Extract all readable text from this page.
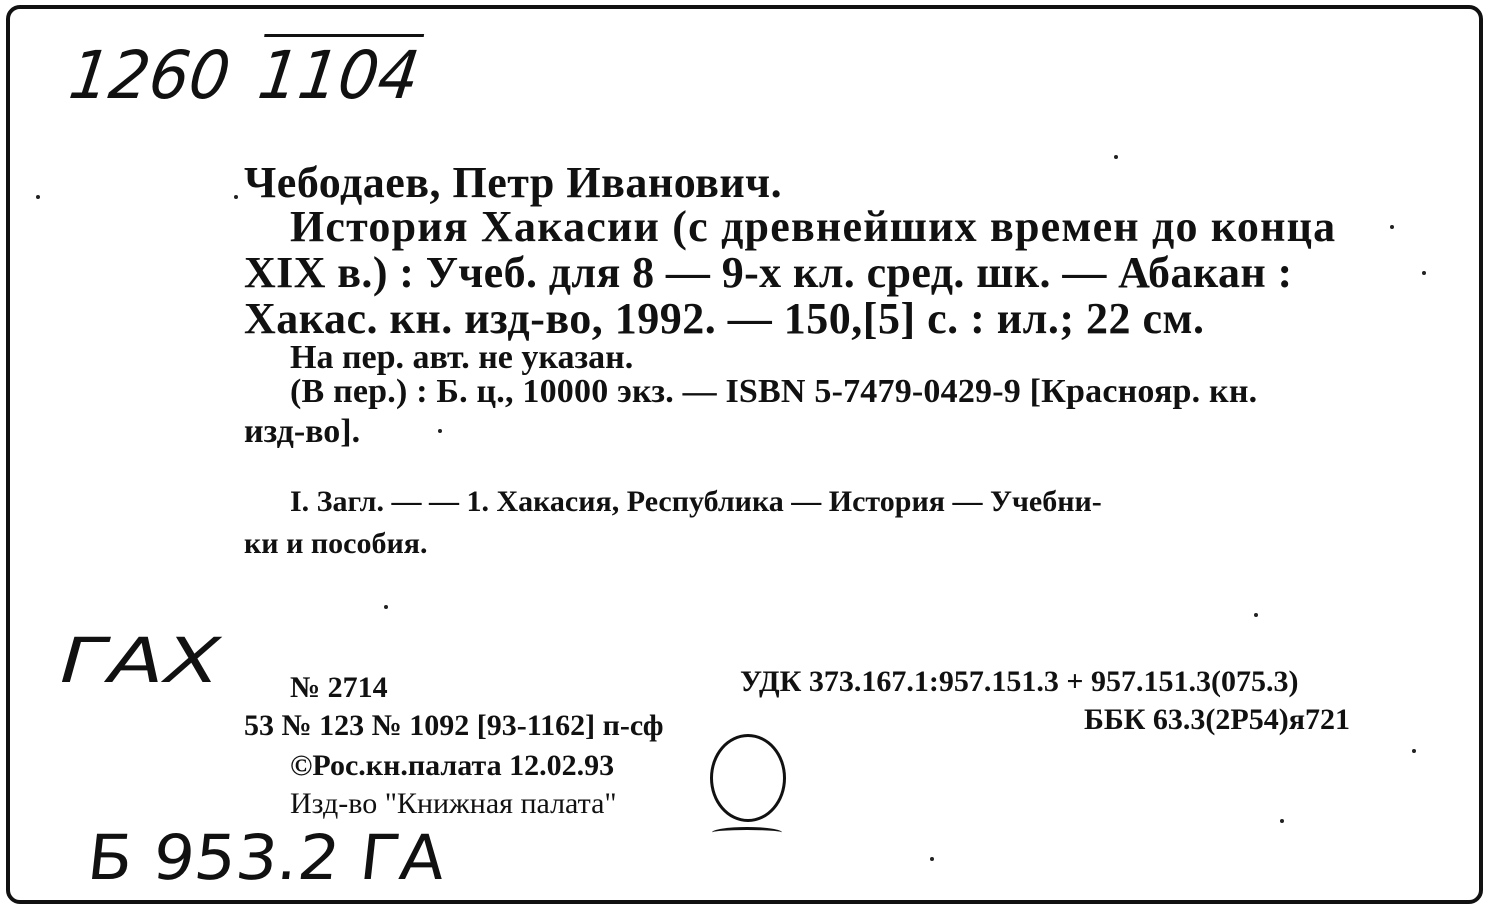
1260 1104
Чебодаев, Петр Иванович.
История Хакасии (с древнейших времен до конца
XIX в.) : Учеб. для 8 — 9-х кл. сред. шк. — Абакан :
Хакас. кн. изд-во, 1992. — 150,[5] с. : ил.; 22 см.
На пер. авт. не указан.
(В пер.) : Б. ц., 10000 экз. — ISBN 5-7479-0429-9 [Краснояр. кн.
изд-во].
I. Загл. — — 1. Хакасия, Республика — История — Учебни-
ки и пособия.
ГАХ № 2714	УДК 373.167.1:957.151.3 + 957.151.3(075.3)
53 № 123 № 1092 [93-1162] п-сф	ББК 63.3(2Р54)я721
©Рос.кн.палата 12.02.93
Изд-во "Книжная палата"
Б 953.2 ГА
